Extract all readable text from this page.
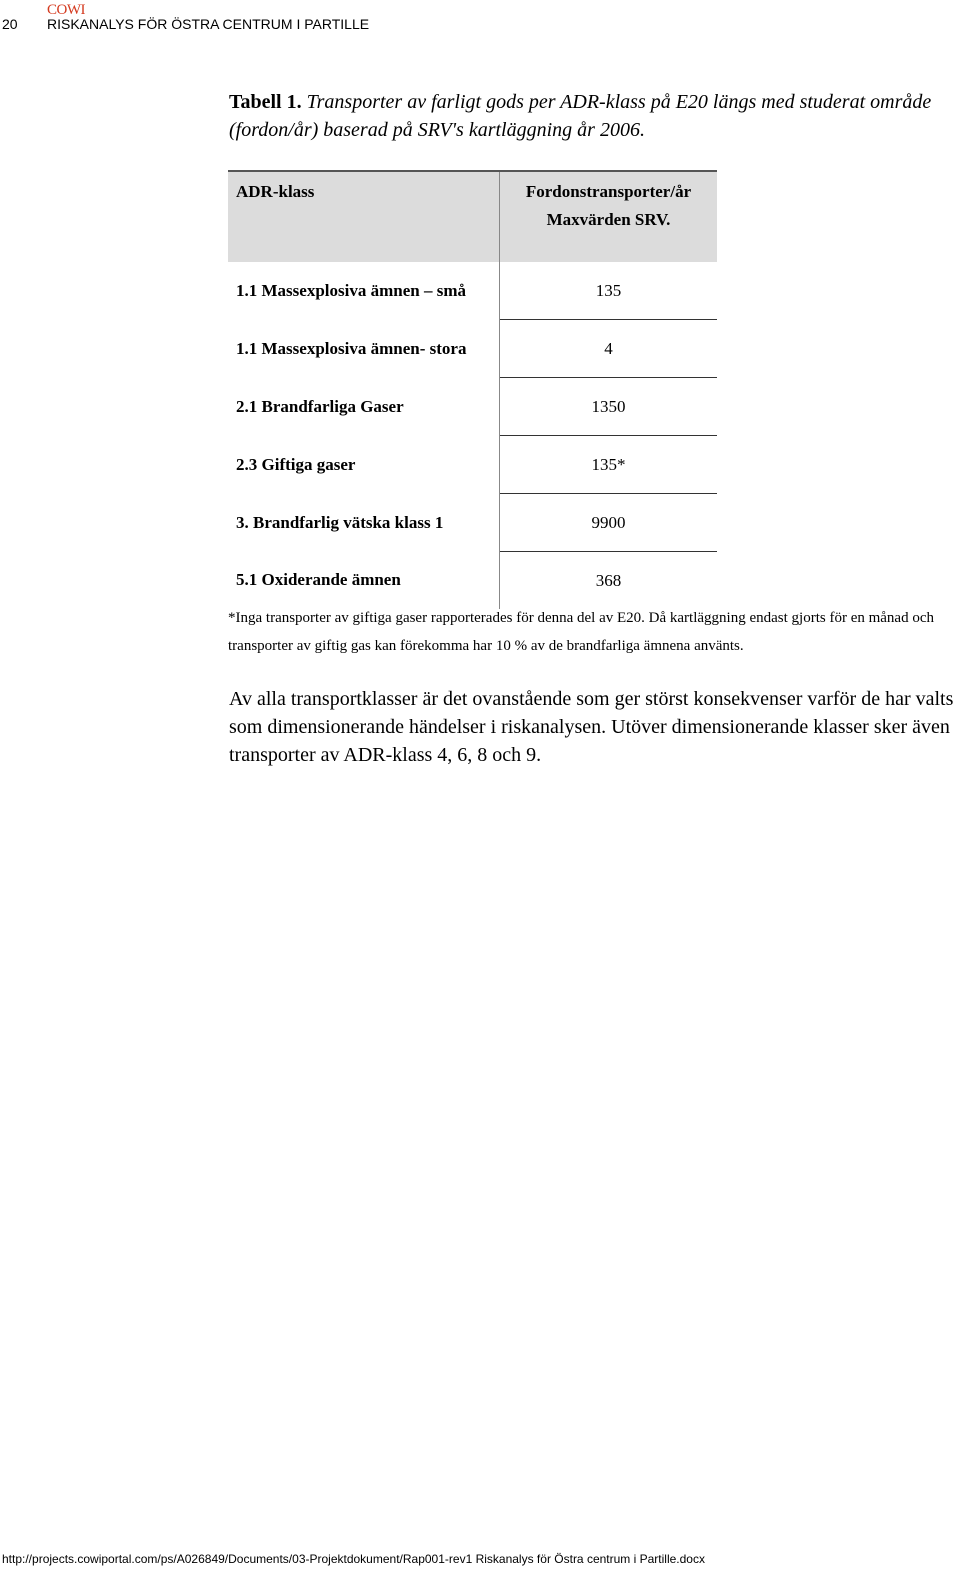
20
COWI
RISKANALYS FÖR ÖSTRA CENTRUM I PARTILLE
Tabell 1. Transporter av farligt gods per ADR-klass på E20 längs med studerat område (fordon/år) baserad på SRV's kartläggning år 2006.
ADR-klass	Fordonstransporter/år
Maxvärden SRV.
1.1 Massexplosiva ämnen – små	135
1.1 Massexplosiva ämnen- stora	4
2.1 Brandfarliga Gaser	1350
2.3 Giftiga gaser	135*
3. Brandfarlig vätska klass 1	9900
5.1 Oxiderande ämnen	368
*Inga transporter av giftiga gaser rapporterades för denna del av E20. Då kartläggning endast gjorts för en månad och transporter av giftig gas kan förekomma har 10 % av de brandfarliga ämnena använts.
Av alla transportklasser är det ovanstående som ger störst konsekvenser varför de har valts som dimensionerande händelser i riskanalysen. Utöver dimensionerande klasser sker även transporter av ADR-klass 4, 6, 8 och 9.
http://projects.cowiportal.com/ps/A026849/Documents/03-Projektdokument/Rap001-rev1 Riskanalys för Östra centrum i Partille.docx
